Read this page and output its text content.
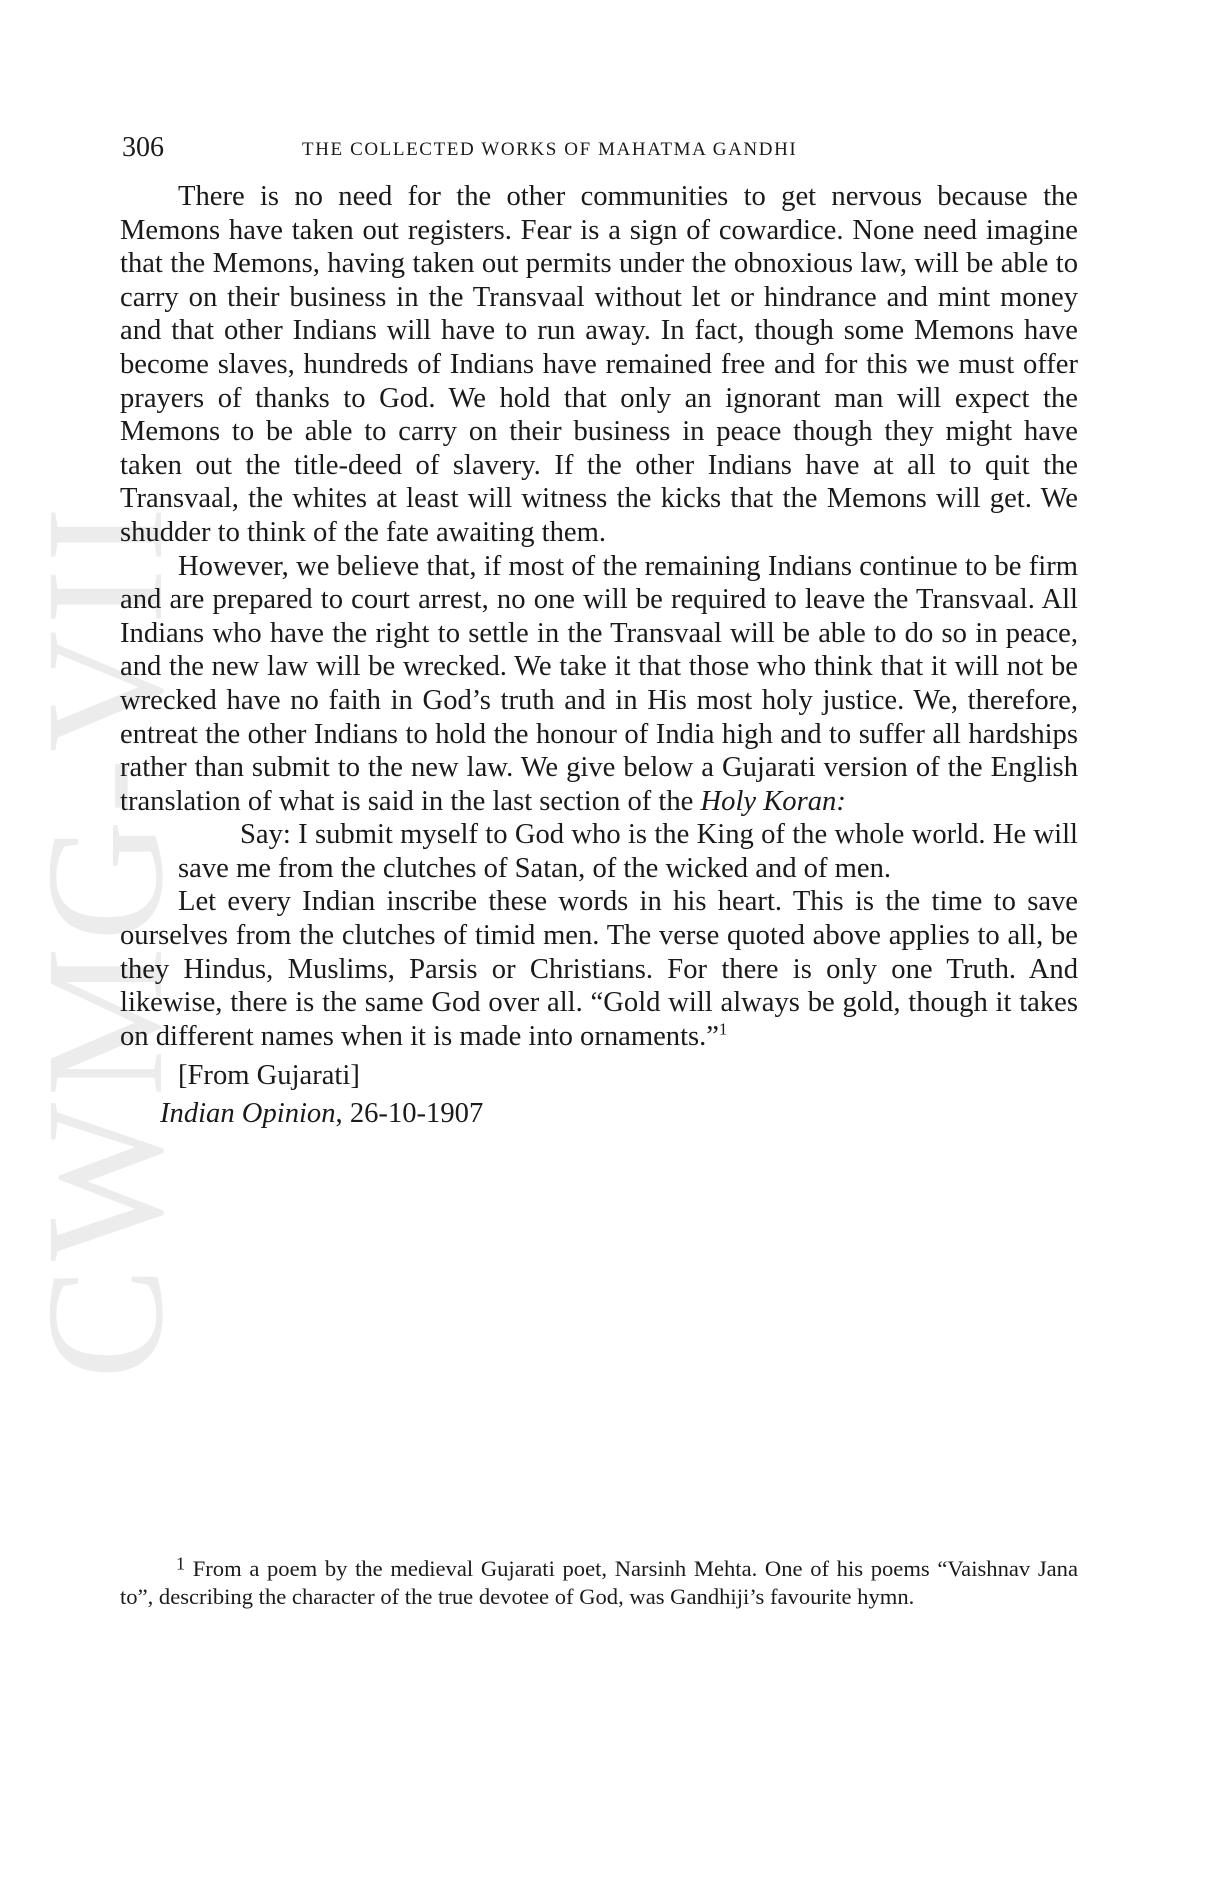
CWMG-VII
306	THE COLLECTED WORKS OF MAHATMA GANDHI

There is no need for the other communities to get nervous because the Memons have taken out registers. Fear is a sign of cowardice. None need imagine that the Memons, having taken out permits under the obnoxious law, will be able to carry on their business in the Transvaal without let or hindrance and mint money and that other Indians will have to run away. In fact, though some Memons have become slaves, hundreds of Indians have remained free and for this we must offer prayers of thanks to God. We hold that only an ignorant man will expect the Memons to be able to carry on their business in peace though they might have taken out the title-deed of slavery. If the other Indians have at all to quit the Transvaal, the whites at least will witness the kicks that the Memons will get. We shudder to think of the fate awaiting them.

However, we believe that, if most of the remaining Indians continue to be firm and are prepared to court arrest, no one will be required to leave the Transvaal. All Indians who have the right to settle in the Transvaal will be able to do so in peace, and the new law will be wrecked. We take it that those who think that it will not be wrecked have no faith in God’s truth and in His most holy justice. We, therefore, entreat the other Indians to hold the honour of India high and to suffer all hardships rather than submit to the new law. We give below a Gujarati version of the English translation of what is said in the last section of the Holy Koran:

Say: I submit myself to God who is the King of the whole world. He will save me from the clutches of Satan, of the wicked and of men.

Let every Indian inscribe these words in his heart. This is the time to save ourselves from the clutches of timid men. The verse quoted above applies to all, be they Hindus, Muslims, Parsis or Christians. For there is only one Truth. And likewise, there is the same God over all. “Gold will always be gold, though it takes on different names when it is made into ornaments.”$^1$

[From Gujarati]

Indian Opinion, 26-10-1907

$^1$ From a poem by the medieval Gujarati poet, Narsinh Mehta. One of his poems “Vaishnav Jana to”, describing the character of the true devotee of God, was Gandhiji’s favourite hymn.
